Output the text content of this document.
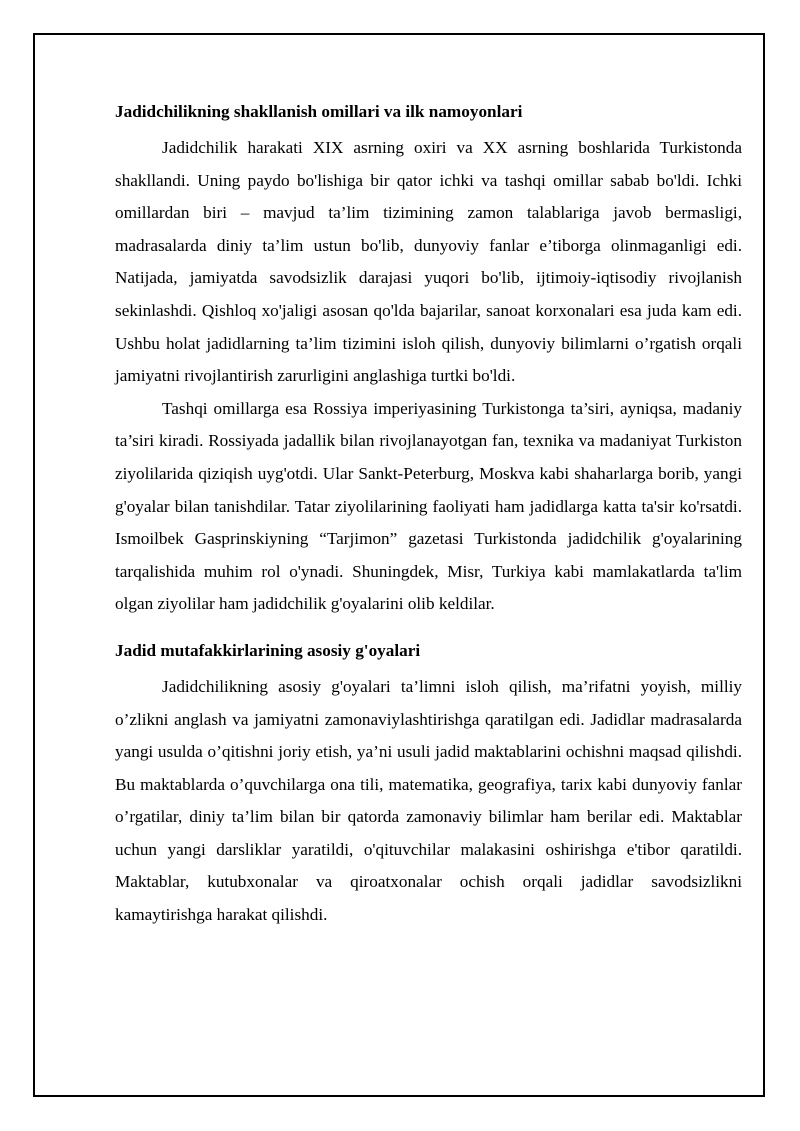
Jadidchilikning shakllanish omillari va ilk namoyonlari

Jadidchilik harakati XIX asrning oxiri va XX asrning boshlarida Turkistonda shakllandi. Uning paydo bo'lishiga bir qator ichki va tashqi omillar sabab bo'ldi. Ichki omillardan biri – mavjud ta’lim tizimining zamon talablariga javob bermasligi, madrasalarda diniy ta’lim ustun bo'lib, dunyoviy fanlar e’tiborga olinmaganligi edi. Natijada, jamiyatda savodsizlik darajasi yuqori bo'lib, ijtimoiy-iqtisodiy rivojlanish sekinlashdi. Qishloq xo'jaligi asosan qo'lda bajarilar, sanoat korxonalari esa juda kam edi. Ushbu holat jadidlarning ta’lim tizimini isloh qilish, dunyoviy bilimlarni o’rgatish orqali jamiyatni rivojlantirish zarurligini anglashiga turtki bo'ldi.

Tashqi omillarga esa Rossiya imperiyasining Turkistonga ta’siri, ayniqsa, madaniy ta’siri kiradi. Rossiyada jadallik bilan rivojlanayotgan fan, texnika va madaniyat Turkiston ziyolilarida qiziqish uyg'otdi. Ular Sankt-Peterburg, Moskva kabi shaharlarga borib, yangi g'oyalar bilan tanishdilar. Tatar ziyolilarining faoliyati ham jadidlarga katta ta'sir ko'rsatdi. Ismoilbek Gasprinskiyning “Tarjimon” gazetasi Turkistonda jadidchilik g'oyalarining tarqalishida muhim rol o'ynadi. Shuningdek, Misr, Turkiya kabi mamlakatlarda ta'lim olgan ziyolilar ham jadidchilik g'oyalarini olib keldilar.

Jadid mutafakkirlarining asosiy g'oyalari

Jadidchilikning asosiy g'oyalari ta’limni isloh qilish, ma’rifatni yoyish, milliy o’zlikni anglash va jamiyatni zamonaviylashtirishga qaratilgan edi. Jadidlar madrasalarda yangi usulda o’qitishni joriy etish, ya’ni usuli jadid maktablarini ochishni maqsad qilishdi. Bu maktablarda o’quvchilarga ona tili, matematika, geografiya, tarix kabi dunyoviy fanlar o’rgatilar, diniy ta’lim bilan bir qatorda zamonaviy bilimlar ham berilar edi. Maktablar uchun yangi darsliklar yaratildi, o'qituvchilar malakasini oshirishga e'tibor qaratildi. Maktablar, kutubxonalar va qiroatxonalar ochish orqali jadidlar savodsizlikni kamaytirishga harakat qilishdi.
